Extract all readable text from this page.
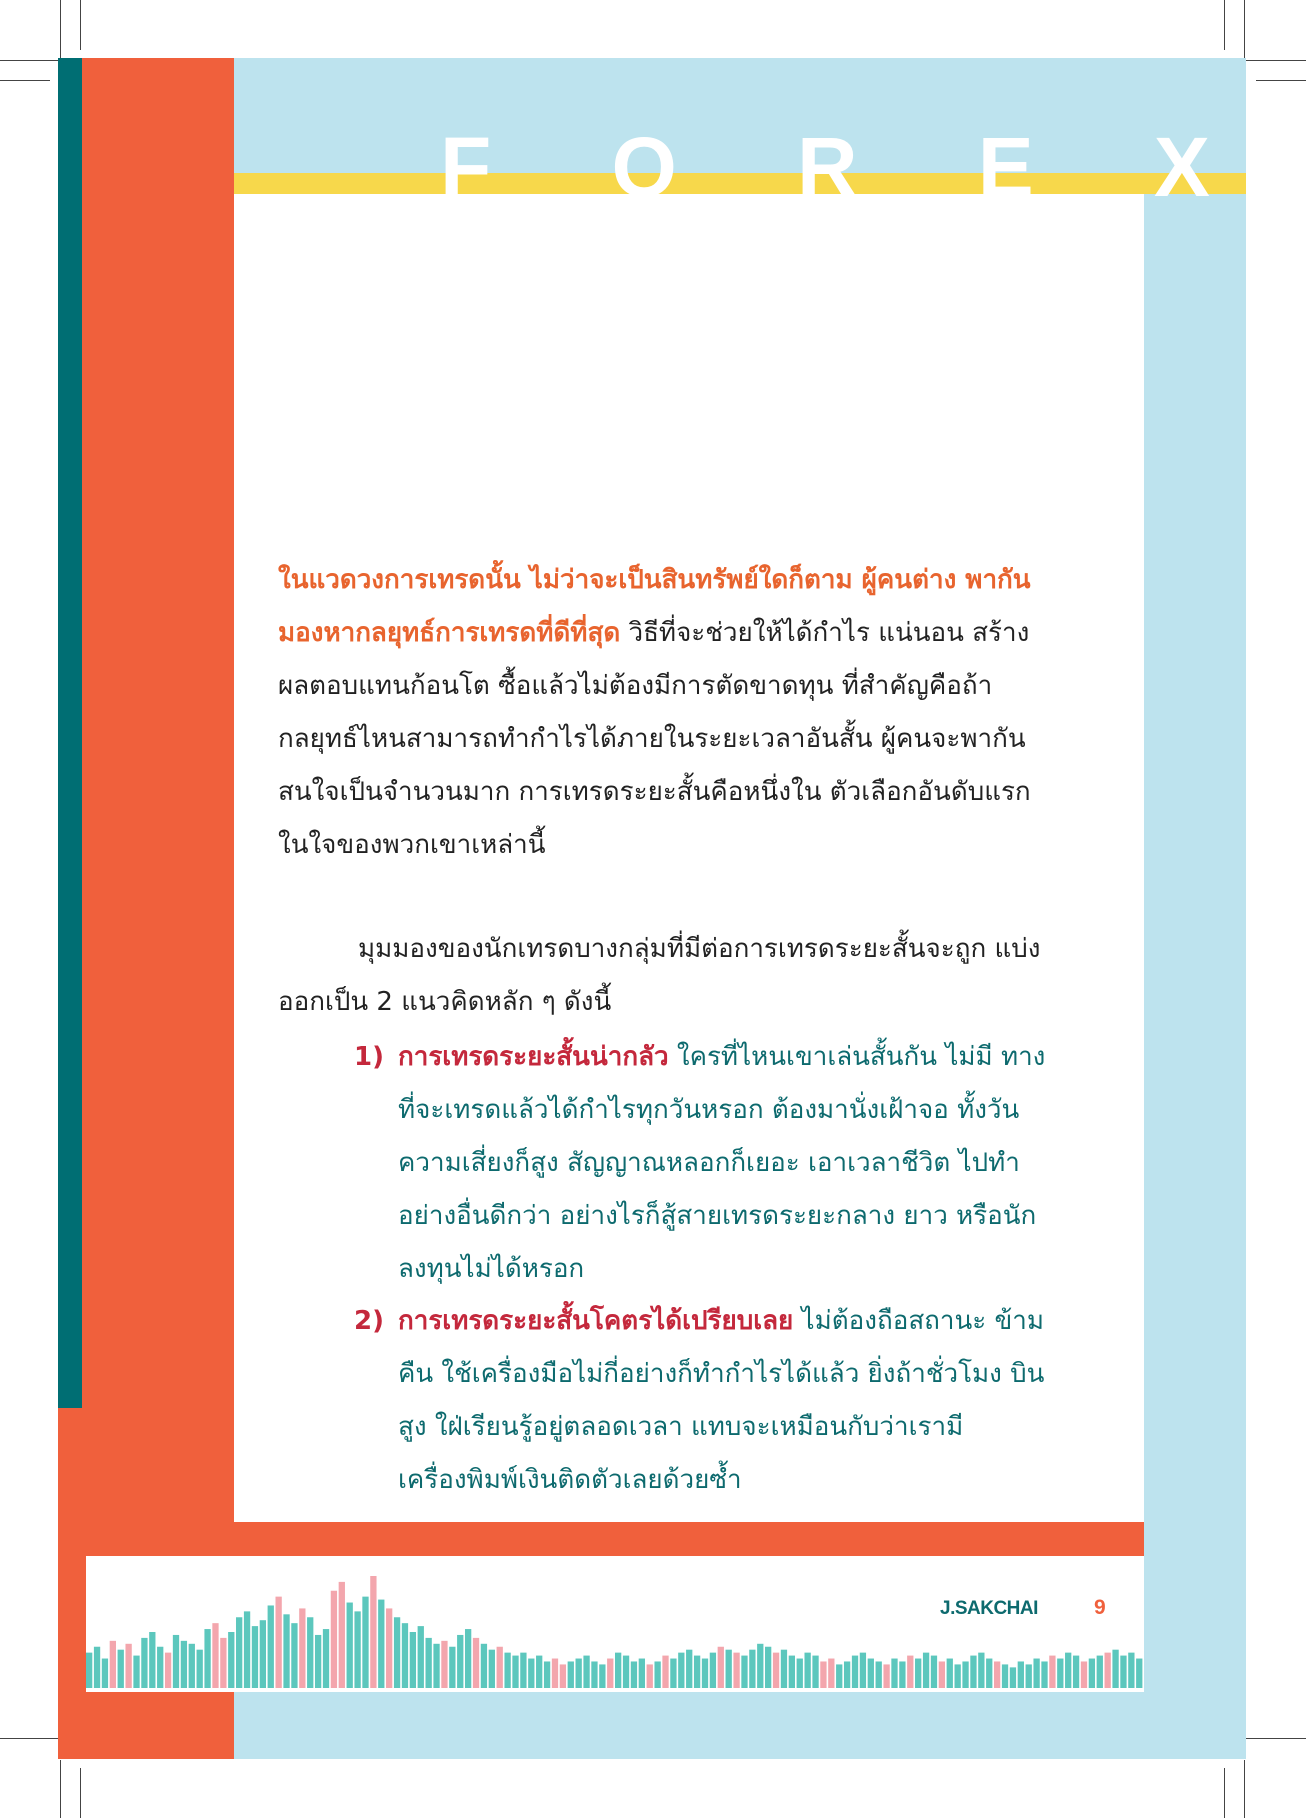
F O R E X
ในแวดวงการเทรดนั้น ไม่ว่าจะเป็นสินทรัพย์ใดก็ตาม ผู้คนต่าง พากันมองหากลยุทธ์การเทรดที่ดีที่สุด วิธีที่จะช่วยให้ได้กำไร แน่นอน สร้างผลตอบแทนก้อนโต ซื้อแล้วไม่ต้องมีการตัดขาดทุน ที่สำคัญคือถ้ากลยุทธ์ไหนสามารถทำกำไรได้ภายในระยะเวลาอันสั้น ผู้คนจะพากันสนใจเป็นจำนวนมาก การเทรดระยะสั้นคือหนึ่งใน ตัวเลือกอันดับแรกในใจของพวกเขาเหล่านี้
มุมมองของนักเทรดบางกลุ่มที่มีต่อการเทรดระยะสั้นจะถูก แบ่งออกเป็น 2 แนวคิดหลัก ๆ ดังนี้
1) การเทรดระยะสั้นน่ากลัว ใครที่ไหนเขาเล่นสั้นกัน ไม่มี ทางที่จะเทรดแล้วได้กำไรทุกวันหรอก ต้องมานั่งเฝ้าจอ ทั้งวัน ความเสี่ยงก็สูง สัญญาณหลอกก็เยอะ เอาเวลาชีวิต ไปทำอย่างอื่นดีกว่า อย่างไรก็สู้สายเทรดระยะกลาง ยาว หรือนักลงทุนไม่ได้หรอก
2) การเทรดระยะสั้นโคตรได้เปรียบเลย ไม่ต้องถือสถานะ ข้ามคืน ใช้เครื่องมือไม่กี่อย่างก็ทำกำไรได้แล้ว ยิ่งถ้าชั่วโมง บินสูง ใฝ่เรียนรู้อยู่ตลอดเวลา แทบจะเหมือนกับว่าเรามี เครื่องพิมพ์เงินติดตัวเลยด้วยซ้ำ
J.SAKCHAI	9
